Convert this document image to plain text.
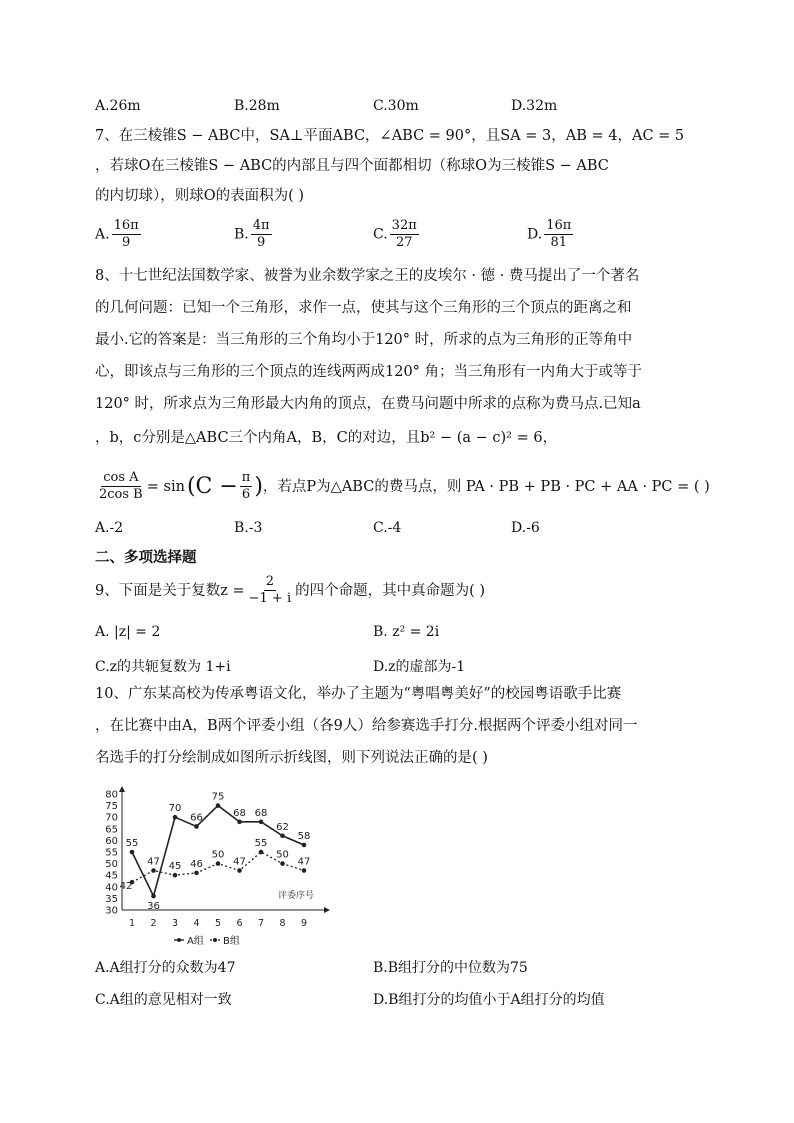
A.26m	B.28m	C.30m	D.32m
7、在三棱锥S − ABC中，SA⊥平面ABC，∠ABC = 90°，且SA = 3，AB = 4，AC = 5
，若球O在三棱锥S − ABC的内部且与四个面都相切（称球O为三棱锥S − ABC
的内切球），则球O的表面积为( )
A. $\frac{16\pi}{9}$	B. $\frac{4\pi}{9}$	C. $\frac{32\pi}{27}$	D. $\frac{16\pi}{81}$
8、十七世纪法国数学家、被誉为业余数学家之王的皮埃尔 · 德 · 费马提出了一个著名
的几何问题：已知一个三角形，求作一点，使其与这个三角形的三个顶点的距离之和
最小.它的答案是：当三角形的三个角均小于120° 时，所求的点为三角形的正等角中
心，即该点与三角形的三个顶点的连线两两成120° 角；当三角形有一内角大于或等于
120° 时，所求点为三角形最大内角的顶点，在费马问题中所求的点称为费马点.已知a
，b，c分别是△ABC三个内角A，B，C的对边，且b² − (a − c)² = 6，
$\frac{\text{cos A}}{\text{2cos B}} = \sin (C - \frac{\pi}{6}$ ) ，若点P为△ABC的费马点，则 PA · PB + PB · PC + AA · PC = ( )
A.-2	B.-3	C.-4	D.-6
二、多项选择题
9、下面是关于复数$z = \frac{2}{-1 + i}$ 的四个命题，其中真命题为( )
A. |z| = 2	B. z² = 2i
C.z的共轭复数为 1+i	D.z的虚部为-1
10、广东某高校为传承粤语文化，举办了主题为“粤唱粤美好”的校园粤语歌手比赛
，在比赛中由A，B两个评委小组（各9人）给参赛选手打分.根据两个评委小组对同一
名选手的打分绘制成如图所示折线图，则下列说法正确的是( )
30
35
40
45
50
55
60
65
70
75
80
1 2 3 4 5 6 7 8 9
评委序号
55
36
70
66
75
68 68
62
58
42
47 45 46
50
47
55
50
47
A组 B组
A.A组打分的众数为47	B.B组打分的中位数为75
C.A组的意见相对一致	D.B组打分的均值小于A组打分的均值
